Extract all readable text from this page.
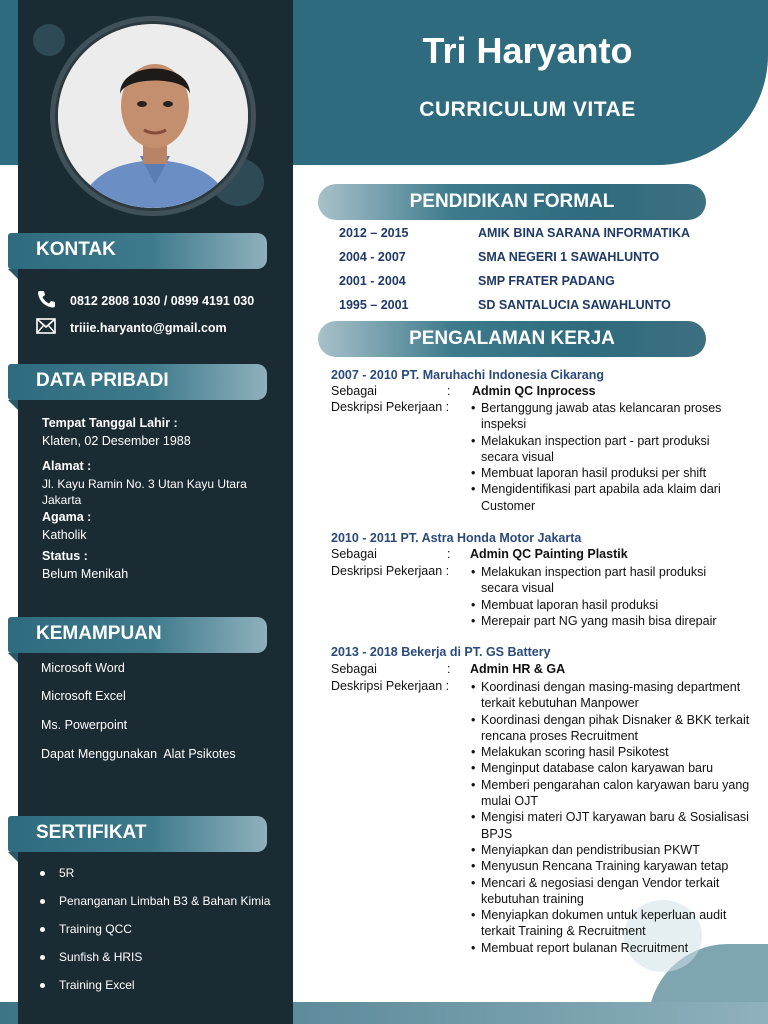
Tri Haryanto
CURRICULUM VITAE
KONTAK
0812 2808 1030 / 0899 4191 030
triiie.haryanto@gmail.com
DATA PRIBADI
Tempat Tanggal Lahir :
Klaten, 02 Desember 1988
Alamat :
Jl. Kayu Ramin No. 3 Utan Kayu Utara
Jakarta
Agama :
Katholik
Status :
Belum Menikah
KEMAMPUAN
Microsoft Word
Microsoft Excel
Ms. Powerpoint
Dapat Menggunakan  Alat Psikotes
SERTIFIKAT
5R
Penanganan Limbah B3 & Bahan Kimia
Training QCC
Sunfish & HRIS
Training Excel
PENDIDIKAN FORMAL
2012 – 2015	AMIK BINA SARANA INFORMATIKA
2004 - 2007	SMA NEGERI 1 SAWAHLUNTO
2001 - 2004	SMP FRATER PADANG
1995 – 2001	SD SANTALUCIA SAWAHLUNTO
PENGALAMAN KERJA
2007 - 2010 PT. Maruhachi Indonesia Cikarang
Sebagai	: Admin QC Inprocess
Deskripsi Pekerjaan :	• Bertanggung jawab atas kelancaran proses inspeksi
• Melakukan inspection part - part produksi secara visual
• Membuat laporan hasil produksi per shift
• Mengidentifikasi part apabila ada klaim dari Customer
2010 - 2011 PT. Astra Honda Motor Jakarta
Sebagai	: Admin QC Painting Plastik
Deskripsi Pekerjaan :	• Melakukan inspection part hasil produksi secara visual
• Membuat laporan hasil produksi
• Merepair part NG yang masih bisa direpair
2013 - 2018 Bekerja di PT. GS Battery
Sebagai	: Admin HR & GA
Deskripsi Pekerjaan :	• Koordinasi dengan masing-masing department terkait kebutuhan Manpower
• Koordinasi dengan pihak Disnaker & BKK terkait rencana proses Recruitment
• Melakukan scoring hasil Psikotest
• Menginput database calon karyawan baru
• Memberi pengarahan calon karyawan baru yang mulai OJT
• Mengisi materi OJT karyawan baru & Sosialisasi BPJS
• Menyiapkan dan pendistribusian PKWT
• Menyusun Rencana Training karyawan tetap
• Mencari & negosiasi dengan Vendor terkait kebutuhan training
• Menyiapkan dokumen untuk keperluan audit terkait Training & Recruitment
• Membuat report bulanan Recruitment
